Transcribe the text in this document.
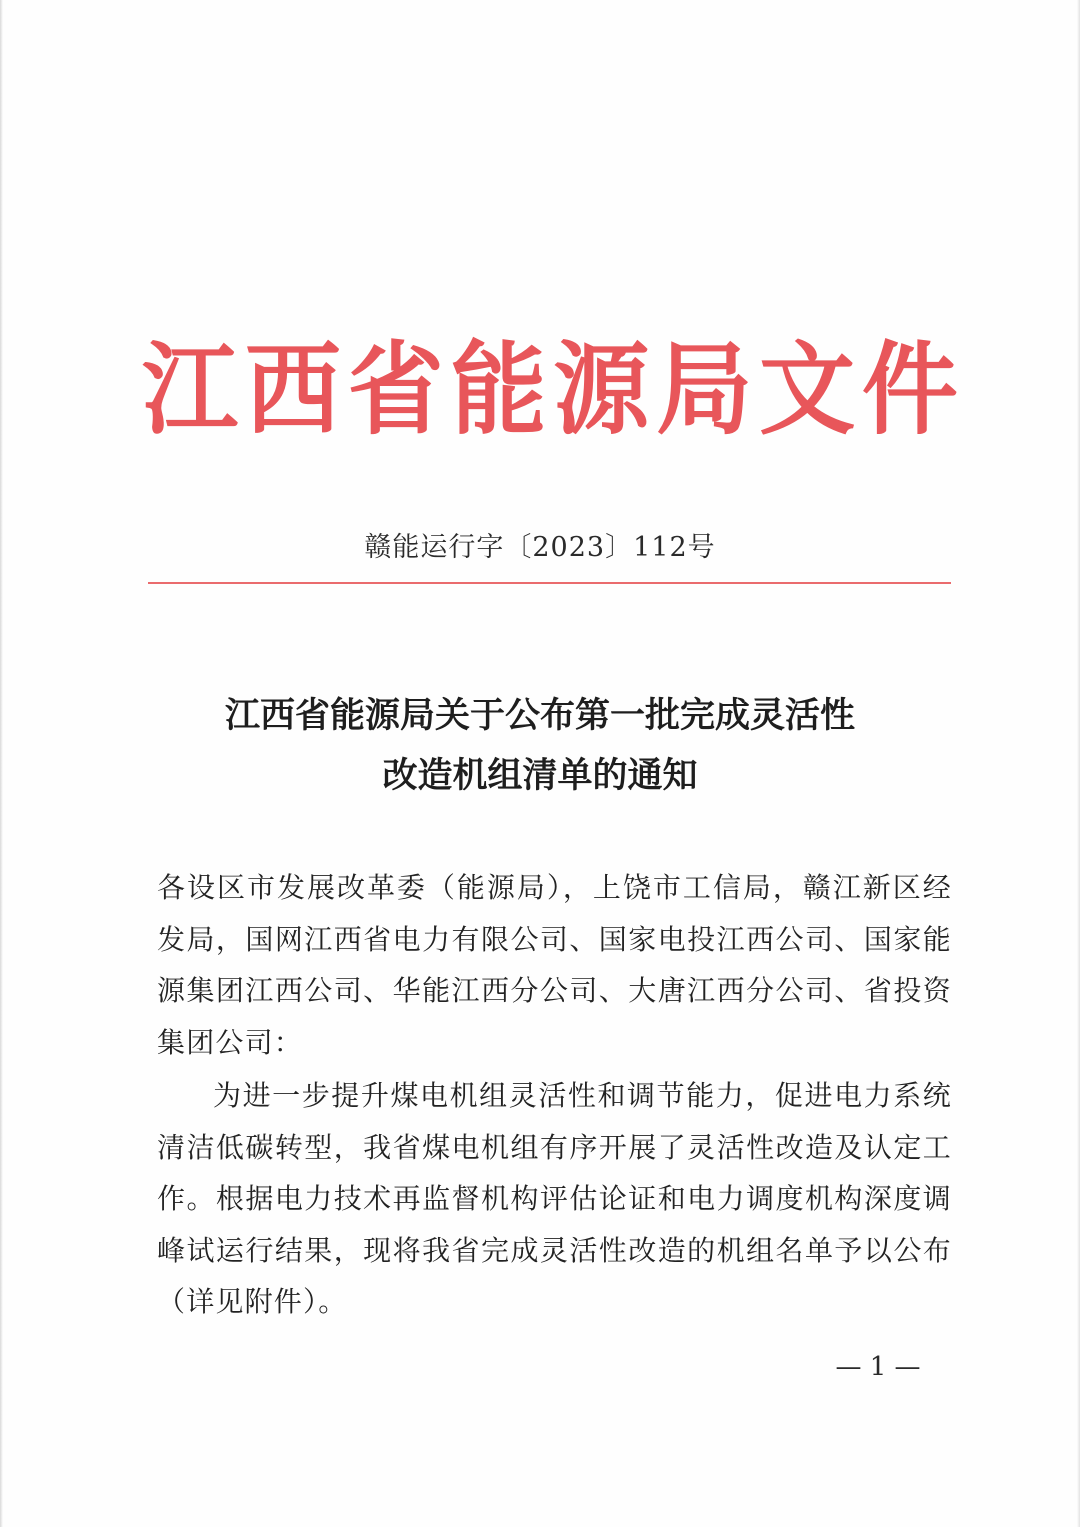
江 西 省 能 源 局 文 件
赣能运行字〔2023〕112号
江西省能源局关于公布第一批完成灵活性
改造机组清单的通知
各设区市发展改革委（能源局），上饶市工信局，赣江新区经发局，国网江西省电力有限公司、国家电投江西公司、国家能源集团江西公司、华能江西分公司、大唐江西分公司、省投资集团公司：
为进一步提升煤电机组灵活性和调节能力，促进电力系统清洁低碳转型，我省煤电机组有序开展了灵活性改造及认定工作。根据电力技术再监督机构评估论证和电力调度机构深度调峰试运行结果，现将我省完成灵活性改造的机组名单予以公布（详见附件）。
— 1 —
